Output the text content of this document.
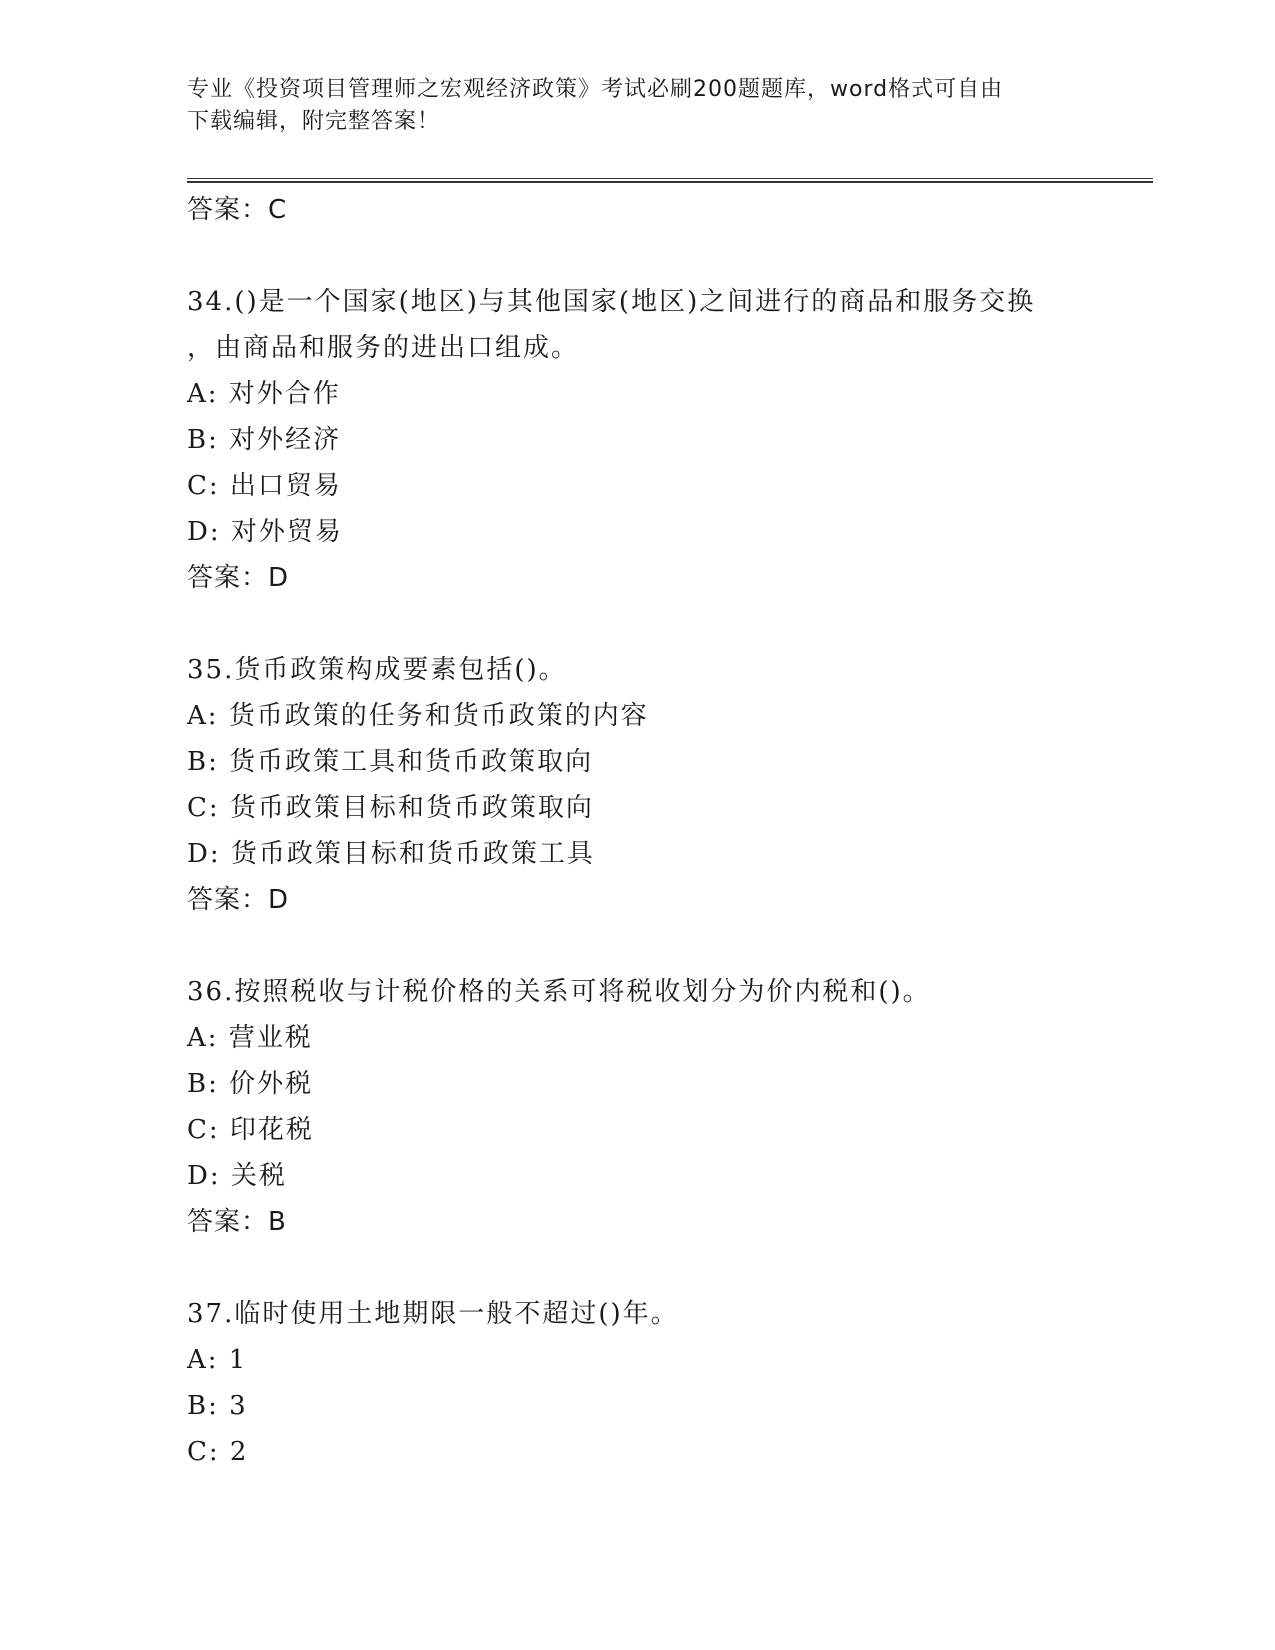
专业《投资项目管理师之宏观经济政策》考试必刷200题题库，word格式可自由
下载编辑，附完整答案！
答案：C
34.()是一个国家(地区)与其他国家(地区)之间进行的商品和服务交换
，由商品和服务的进出口组成。
A: 对外合作
B: 对外经济
C: 出口贸易
D: 对外贸易
答案：D
35.货币政策构成要素包括()。
A: 货币政策的任务和货币政策的内容
B: 货币政策工具和货币政策取向
C: 货币政策目标和货币政策取向
D: 货币政策目标和货币政策工具
答案：D
36.按照税收与计税价格的关系可将税收划分为价内税和()。
A: 营业税
B: 价外税
C: 印花税
D: 关税
答案：B
37.临时使用土地期限一般不超过()年。
A: 1
B: 3
C: 2
